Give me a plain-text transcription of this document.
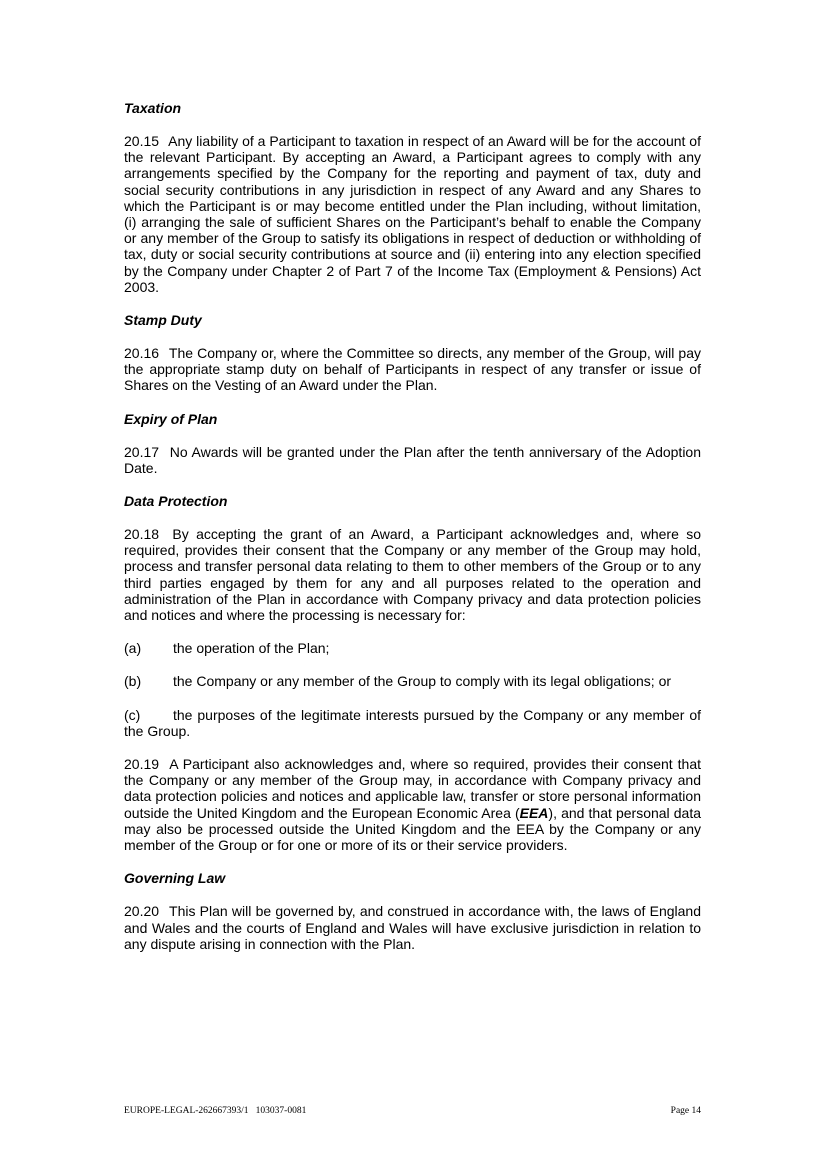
Taxation

20.15 Any liability of a Participant to taxation in respect of an Award will be for the account of the relevant Participant. By accepting an Award, a Participant agrees to comply with any arrangements specified by the Company for the reporting and payment of tax, duty and social security contributions in any jurisdiction in respect of any Award and any Shares to which the Participant is or may become entitled under the Plan including, without limitation, (i) arranging the sale of sufficient Shares on the Participant’s behalf to enable the Company or any member of the Group to satisfy its obligations in respect of deduction or withholding of tax, duty or social security contributions at source and (ii) entering into any election specified by the Company under Chapter 2 of Part 7 of the Income Tax (Employment & Pensions) Act 2003.

Stamp Duty

20.16 The Company or, where the Committee so directs, any member of the Group, will pay the appropriate stamp duty on behalf of Participants in respect of any transfer or issue of Shares on the Vesting of an Award under the Plan.

Expiry of Plan

20.17 No Awards will be granted under the Plan after the tenth anniversary of the Adoption Date.

Data Protection

20.18 By accepting the grant of an Award, a Participant acknowledges and, where so required, provides their consent that the Company or any member of the Group may hold, process and transfer personal data relating to them to other members of the Group or to any third parties engaged by them for any and all purposes related to the operation and administration of the Plan in accordance with Company privacy and data protection policies and notices and where the processing is necessary for:

(a) the operation of the Plan;

(b) the Company or any member of the Group to comply with its legal obligations; or

(c) the purposes of the legitimate interests pursued by the Company or any member of the Group.

20.19 A Participant also acknowledges and, where so required, provides their consent that the Company or any member of the Group may, in accordance with Company privacy and data protection policies and notices and applicable law, transfer or store personal information outside the United Kingdom and the European Economic Area (EEA), and that personal data may also be processed outside the United Kingdom and the EEA by the Company or any member of the Group or for one or more of its or their service providers.

Governing Law

20.20 This Plan will be governed by, and construed in accordance with, the laws of England and Wales and the courts of England and Wales will have exclusive jurisdiction in relation to any dispute arising in connection with the Plan.

EUROPE-LEGAL-262667393/1   103037-0081	Page 14
